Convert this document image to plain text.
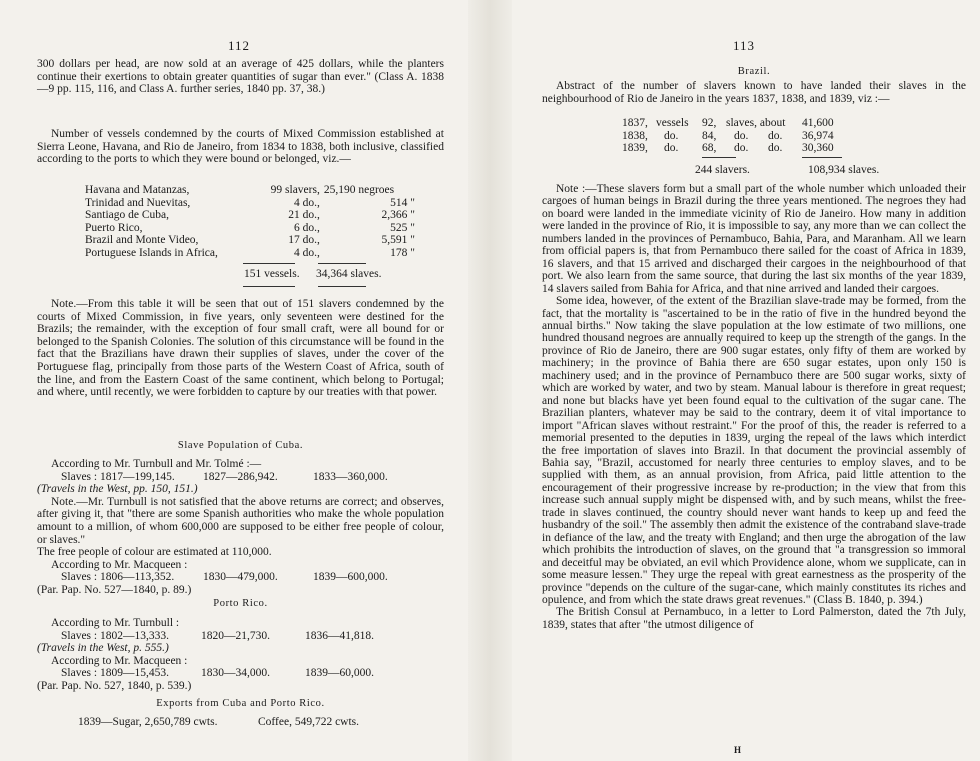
112

300 dollars per head, are now sold at an average of 425 dollars, while the planters continue their exertions to obtain greater quantities of sugar than ever." (Class A. 1838—9 pp. 115, 116, and Class A. further series, 1840 pp. 37, 38.)

Number of vessels condemned by the courts of Mixed Commission established at Sierra Leone, Havana, and Rio de Janeiro, from 1834 to 1838, both inclusive, classified according to the ports to which they were bound or belonged, viz.—

Havana and Matanzas,	99 slavers, 25,190 negroes
Trinidad and Nuevitas,	4 do.,	514 "
Santiago de Cuba,	21 do.,	2,366 "
Puerto Rico,	6 do.,	525 "
Brazil and Monte Video,	17 do.,	5,591 "
Portuguese Islands in Africa,	4 do.,	178 "
151 vessels.	34,364 slaves.

Note.—From this table it will be seen that out of 151 slavers condemned by the courts of Mixed Commission, in five years, only seventeen were destined for the Brazils; the remainder, with the exception of four small craft, were all bound for or belonged to the Spanish Colonies. The solution of this circumstance will be found in the fact that the Brazilians have drawn their supplies of slaves, under the cover of the Portuguese flag, principally from those parts of the Western Coast of Africa, south of the line, and from the Eastern Coast of the same continent, which belong to Portugal; and where, until recently, we were forbidden to capture by our treaties with that power.

Slave Population of Cuba.

According to Mr. Turnbull and Mr. Tolmé :—

Slaves : 1817—199,145.	1827—286,942.	1833—360,000.

(Travels in the West, pp. 150, 151.)

Note.—Mr. Turnbull is not satisfied that the above returns are correct; and observes, after giving it, that "there are some Spanish authorities who make the whole population amount to a million, of whom 600,000 are supposed to be either free people of colour, or slaves."

The free people of colour are estimated at 110,000.

According to Mr. Macqueen :

Slaves : 1806—113,352.	1830—479,000.	1839—600,000.

(Par. Pap. No. 527—1840, p. 89.)

Porto Rico.

According to Mr. Turnbull :

Slaves : 1802—13,333.	1820—21,730.	1836—41,818.

(Travels in the West, p. 555.)

According to Mr. Macqueen :

Slaves : 1809—15,453.	1830—34,000.	1839—60,000.

(Par. Pap. No. 527, 1840, p. 539.)

Exports from Cuba and Porto Rico.
1839—Sugar, 2,650,789 cwts.	Coffee, 549,722 cwts.
113
Brazil.

Abstract of the number of slavers known to have landed their slaves in the neighbourhood of Rio de Janeiro in the years 1837, 1838, and 1839, viz :—

1837, vessels	92, slaves, about	41,600
1838,	do.	84,	do.	do.	36,974
1839,	do.	68,	do.	do.	30,360
244 slavers.	108,934 slaves.

Note :—These slavers form but a small part of the whole number which unloaded their cargoes of human beings in Brazil during the three years mentioned. The negroes they had on board were landed in the immediate vicinity of Rio de Janeiro. How many in addition were landed in the province of Rio, it is impossible to say, any more than we can collect the numbers landed in the provinces of Pernambuco, Bahia, Para, and Maranham. All we learn from official papers is, that from Pernambuco there sailed for the coast of Africa in 1839, 16 slavers, and that 15 arrived and discharged their cargoes in the neighbourhood of that port. We also learn from the same source, that during the last six months of the year 1839, 14 slavers sailed from Bahia for Africa, and that nine arrived and landed their cargoes.

Some idea, however, of the extent of the Brazilian slave-trade may be formed, from the fact, that the mortality is "ascertained to be in the ratio of five in the hundred beyond the annual births." Now taking the slave population at the low estimate of two millions, one hundred thousand negroes are annually required to keep up the strength of the gangs. In the province of Rio de Janeiro, there are 900 sugar estates, only fifty of them are worked by machinery; in the province of Bahia there are 650 sugar estates, upon only 150 is machinery used; and in the province of Pernambuco there are 500 sugar works, sixty of which are worked by water, and two by steam. Manual labour is therefore in great request; and none but blacks have yet been found equal to the cultivation of the sugar cane. The Brazilian planters, whatever may be said to the contrary, deem it of vital importance to import "African slaves without restraint." For the proof of this, the reader is referred to a memorial presented to the deputies in 1839, urging the repeal of the laws which interdict the free importation of slaves into Brazil. In that document the provincial assembly of Bahia say, "Brazil, accustomed for nearly three centuries to employ slaves, and to be supplied with them, as an annual provision, from Africa, paid little attention to the encouragement of their progressive increase by re-production; in the view that from this increase such annual supply might be dispensed with, and by such means, whilst the free-trade in slaves continued, the country should never want hands to keep up and feed the husbandry of the soil." The assembly then admit the existence of the contraband slave-trade in defiance of the law, and the treaty with England; and then urge the abrogation of the law which prohibits the introduction of slaves, on the ground that "a transgression so immoral and deceitful may be obviated, an evil which Providence alone, whom we supplicate, can in some measure lessen." They urge the repeal with great earnestness as the prosperity of the province "depends on the culture of the sugar-cane, which mainly constitutes its riches and opulence, and from which the state draws great revenues." (Class B. 1840, p. 394.)

The British Consul at Pernambuco, in a letter to Lord Palmerston, dated the 7th July, 1839, states that after "the utmost diligence of

H
